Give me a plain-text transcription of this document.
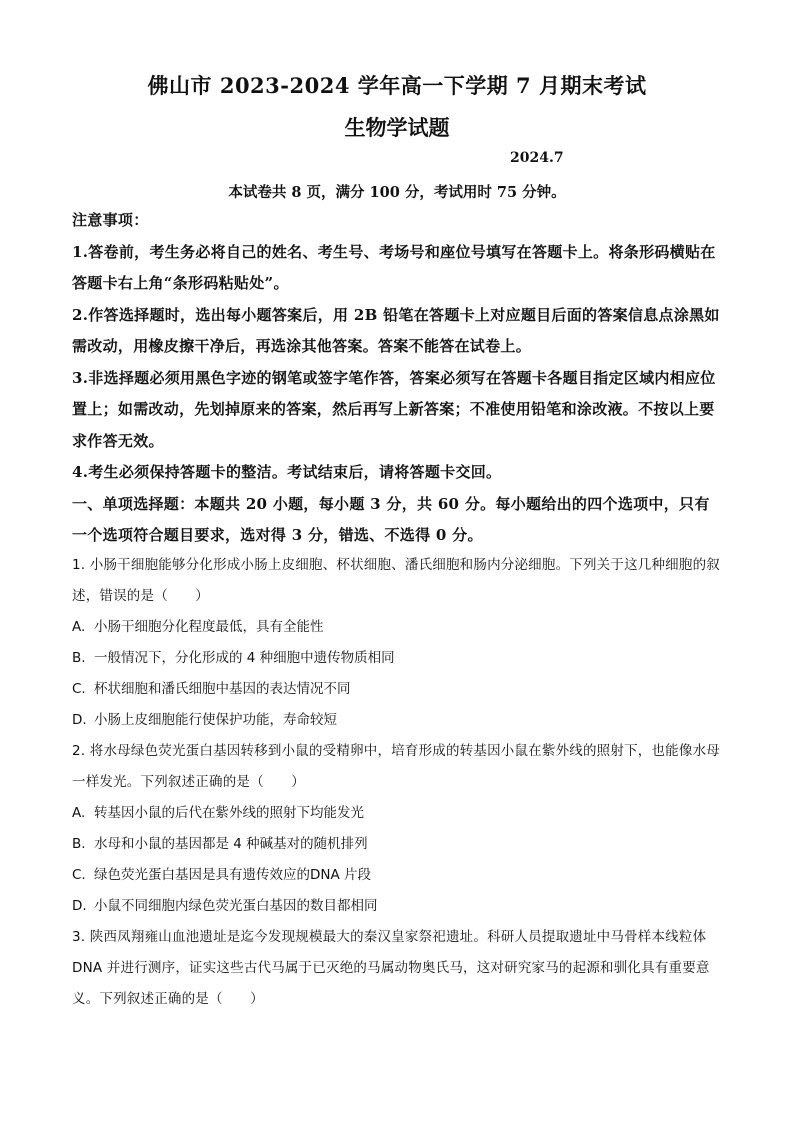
佛山市 2023-2024 学年高一下学期 7 月期末考试
生物学试题
2024.7
本试卷共 8 页，满分 100 分，考试用时 75 分钟。

注意事项：

1.答卷前，考生务必将自己的姓名、考生号、考场号和座位号填写在答题卡上。将条形码横贴在答题卡右上角“条形码粘贴处”。

2.作答选择题时，选出每小题答案后，用 2B 铅笔在答题卡上对应题目后面的答案信息点涂黑如需改动，用橡皮擦干净后，再选涂其他答案。答案不能答在试卷上。

3.非选择题必须用黑色字迹的钢笔或签字笔作答，答案必须写在答题卡各题目指定区域内相应位置上；如需改动，先划掉原来的答案，然后再写上新答案；不准使用铅笔和涂改液。不按以上要求作答无效。

4.考生必须保持答题卡的整洁。考试结束后，请将答题卡交回。

一、单项选择题：本题共 20 小题，每小题 3 分，共 60 分。每小题给出的四个选项中，只有一个选项符合题目要求，选对得 3 分，错选、不选得 0 分。

1. 小肠干细胞能够分化形成小肠上皮细胞、杯状细胞、潘氏细胞和肠内分泌细胞。下列关于这几种细胞的叙述，错误的是（　　）

A. 小肠干细胞分化程度最低，具有全能性

B. 一般情况下，分化形成的 4 种细胞中遗传物质相同

C. 杯状细胞和潘氏细胞中基因的表达情况不同

D. 小肠上皮细胞能行使保护功能，寿命较短

2. 将水母绿色荧光蛋白基因转移到小鼠的受精卵中，培育形成的转基因小鼠在紫外线的照射下，也能像水母一样发光。下列叙述正确的是（　　）

A. 转基因小鼠的后代在紫外线的照射下均能发光

B. 水母和小鼠的基因都是 4 种碱基对的随机排列

C. 绿色荧光蛋白基因是具有遗传效应的DNA 片段

D. 小鼠不同细胞内绿色荧光蛋白基因的数目都相同

3. 陕西凤翔雍山血池遗址是迄今发现规模最大的秦汉皇家祭祀遗址。科研人员提取遗址中马骨样本线粒体DNA 并进行测序，证实这些古代马属于已灭绝的马属动物奥氏马，这对研究家马的起源和驯化具有重要意义。下列叙述正确的是（　　）
